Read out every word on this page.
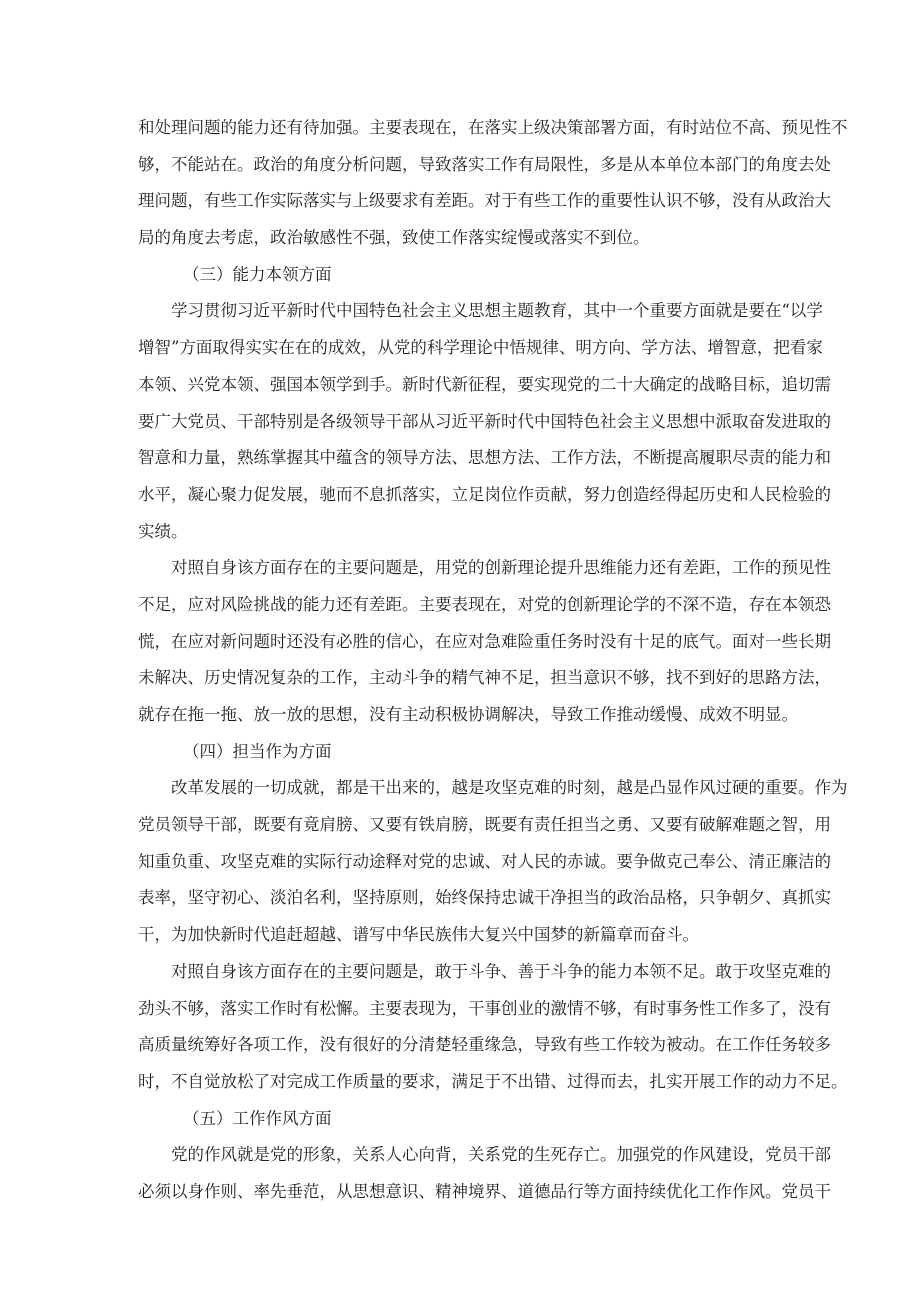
和处理问题的能力还有待加强。主要表现在，在落实上级决策部署方面，有时站位不高、预见性不
够，不能站在。政治的角度分析问题，导致落实工作有局限性，多是从本单位本部门的角度去处
理问题，有些工作实际落实与上级要求有差距。对于有些工作的重要性认识不够，没有从政治大
局的角度去考虑，政治敏感性不强，致使工作落实绽慢或落实不到位。
（三）能力本领方面
学习贯彻习近平新时代中国特色社会主义思想主题教育，其中一个重要方面就是要在“以学
增智”方面取得实实在在的成效，从党的科学理论中悟规律、明方向、学方法、增智意，把看家
本领、兴党本领、强国本领学到手。新时代新征程，要实现党的二十大确定的战略目标，追切需
要广大党员、干部特别是各级领导干部从习近平新时代中国特色社会主义思想中派取奋发进取的
智意和力量，熟练掌握其中蕴含的领导方法、思想方法、工作方法，不断提高履职尽责的能力和
水平，凝心聚力促发展，驰而不息抓落实，立足岗位作贡献，努力创造经得起历史和人民检验的
实绩。
对照自身该方面存在的主要问题是，用党的创新理论提升思维能力还有差距，工作的预见性
不足，应对风险挑战的能力还有差距。主要表现在，对党的创新理论学的不深不造，存在本领恐
慌，在应对新问题时还没有必胜的信心，在应对急难险重任务时没有十足的底气。面对一些长期
未解决、历史情况复杂的工作，主动斗争的精气神不足，担当意识不够，找不到好的思路方法，
就存在拖一拖、放一放的思想，没有主动积极协调解决，导致工作推动缓慢、成效不明显。
（四）担当作为方面
改革发展的一切成就，都是干出来的，越是攻坚克难的时刻，越是凸显作风过硬的重要。作为
党员领导干部，既要有竟肩膀、又要有铁肩膀，既要有责任担当之勇、又要有破解难题之智，用
知重负重、攻坚克难的实际行动途释对党的忠诚、对人民的赤诚。要争做克己奉公、清正廉洁的
表率，坚守初心、淡泊名利，坚持原则，始终保持忠诚干净担当的政治品格，只争朝夕、真抓实
干，为加快新时代追赶超越、谱写中华民族伟大复兴中国梦的新篇章而奋斗。
对照自身该方面存在的主要问题是，敢于斗争、善于斗争的能力本领不足。敢于攻坚克难的
劲头不够，落实工作时有松懈。主要表现为，干事创业的激情不够，有时事务性工作多了，没有
高质量统筹好各项工作，没有很好的分清楚轻重缘急，导致有些工作较为被动。在工作任务较多
时，不自觉放松了对完成工作质量的要求，满足于不出错、过得而去，扎实开展工作的动力不足。
（五）工作作风方面
党的作风就是党的形象，关系人心向背，关系党的生死存亡。加强党的作风建设，党员干部
必须以身作则、率先垂范，从思想意识、精神境界、道德品行等方面持续优化工作作风。党员干
